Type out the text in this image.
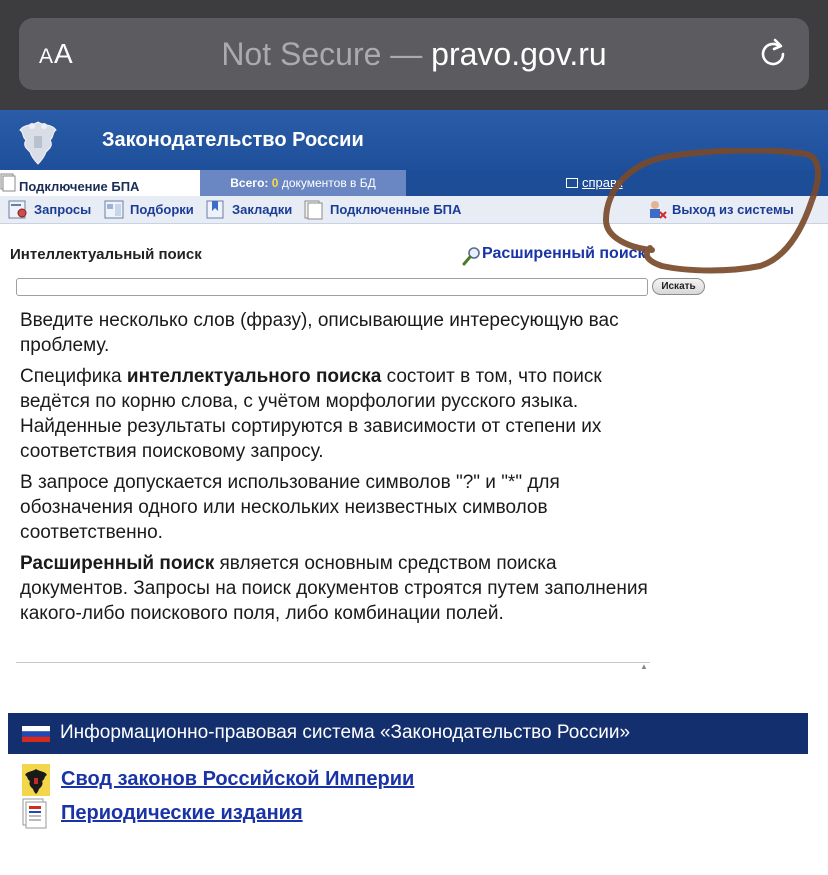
AA	Not Secure — pravo.gov.ru
Законодательство России
Подключение БПА	Всего: 0 документов в БД	справк
Запросы	Подборки	Закладки	Подключенные БПА	Выход из системы
Интеллектуальный поиск	Расширенный поиск
Искать

Введите несколько слов (фразу), описывающие интересующую вас проблему.

Специфика интеллектуального поиска состоит в том, что поиск ведётся по корню слова, с учётом морфологии русского языка. Найденные результаты сортируются в зависимости от степени их соответствия поисковому запросу.

В запросе допускается использование символов "?" и "*" для обозначения одного или нескольких неизвестных символов соответственно.

Расширенный поиск является основным средством поиска документов. Запросы на поиск документов строятся путем заполнения какого-либо поискового поля, либо комбинации полей.

▲
Информационно-правовая система «Законодательство России»
Свод законов Российской Империи
Периодические издания
